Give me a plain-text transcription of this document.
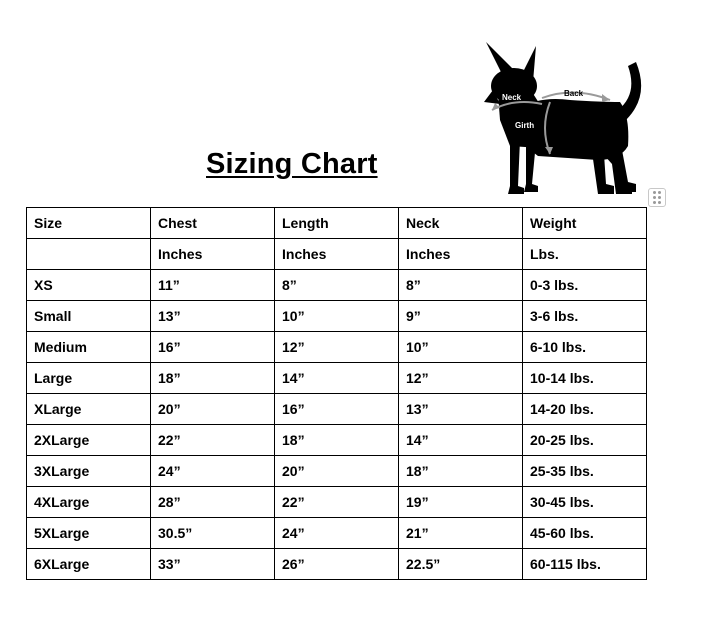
Sizing Chart
Neck	Back
Girth
Size	Chest	Length	Neck	Weight
	Inches	Inches	Inches	Lbs.
XS	11”	8”	8”	0-3 lbs.
Small	13”	10”	9”	3-6 lbs.
Medium	16”	12”	10”	6-10 lbs.
Large	18”	14”	12”	10-14 lbs.
XLarge	20”	16”	13”	14-20 lbs.
2XLarge	22”	18”	14”	20-25 lbs.
3XLarge	24”	20”	18”	25-35 lbs.
4XLarge	28”	22”	19”	30-45 lbs.
5XLarge	30.5”	24”	21”	45-60 lbs.
6XLarge	33”	26”	22.5”	60-115 lbs.
